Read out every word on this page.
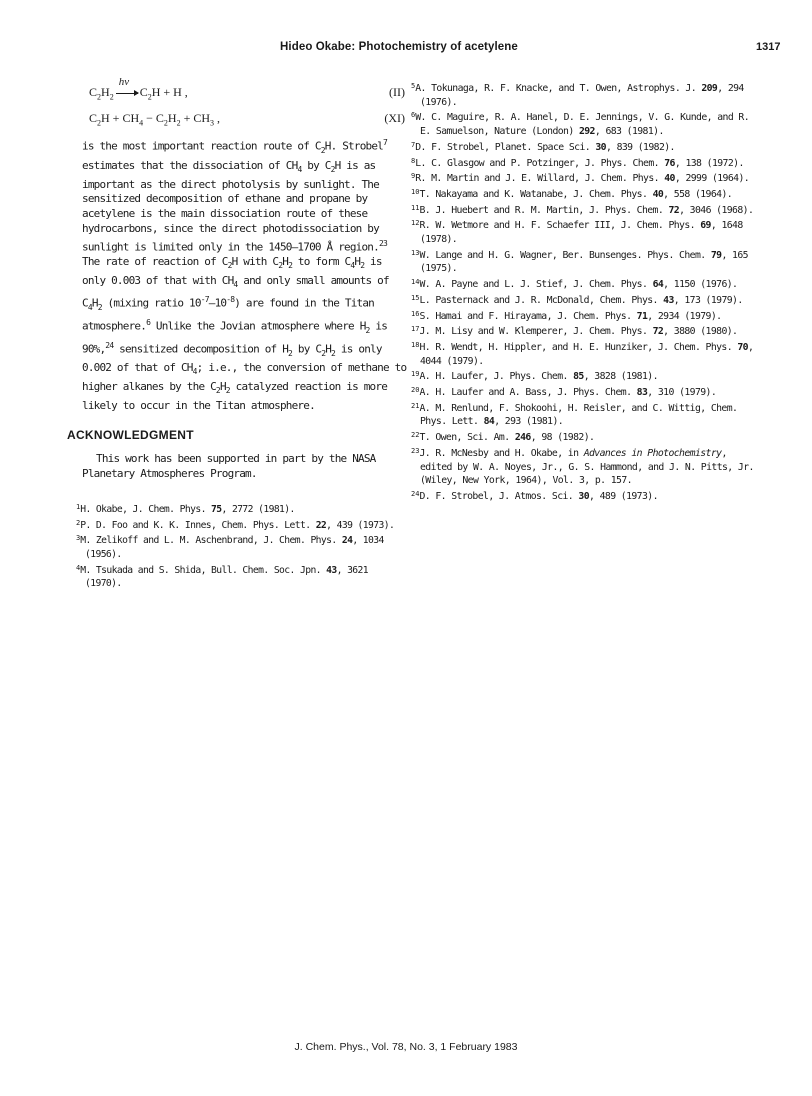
Hideo Okabe: Photochemistry of acetylene	1317
$C_2H_2$
hν
$C_2H + H$ ,	(II)
$C_2H + CH_4 - C_2H_2 + CH_3$ ,	(XI)

is the most important reaction route of $C_2H$. Strobel$^7$ estimates that the dissociation of $CH_4$ by $C_2H$ is as important as the direct photolysis by sunlight. The sensitized decomposition of ethane and propane by acetylene is the main dissociation route of these hydrocarbons, since the direct photodissociation by sunlight is limited only in the 1450–1700 Å region.$^{23}$ The rate of reaction of $C_2H$ with $C_2H_2$ to form $C_4H_2$ is only 0.003 of that with $CH_4$ and only small amounts of $C_4H_2$ (mixing ratio $10^{-7}-10^{-8}$) are found in the Titan atmosphere.$^6$ Unlike the Jovian atmosphere where $H_2$ is 90%,$^{24}$ sensitized decomposition of $H_2$ by $C_2H_2$ is only 0.002 of that of $CH_4$; i.e., the conversion of methane to higher alkanes by the $C_2H_2$ catalyzed reaction is more likely to occur in the Titan atmosphere.

ACKNOWLEDGMENT

This work has been supported in part by the NASA Planetary Atmospheres Program.

$^1$H. Okabe, J. Chem. Phys. 75, 2772 (1981).

$^2$P. D. Foo and K. K. Innes, Chem. Phys. Lett. 22, 439 (1973).

$^3$M. Zelikoff and L. M. Aschenbrand, J. Chem. Phys. 24, 1034 (1956).

$^4$M. Tsukada and S. Shida, Bull. Chem. Soc. Jpn. 43, 3621 (1970).

$^5$A. Tokunaga, R. F. Knacke, and T. Owen, Astrophys. J. 209, 294 (1976).

$^6$W. C. Maguire, R. A. Hanel, D. E. Jennings, V. G. Kunde, and R. E. Samuelson, Nature (London) 292, 683 (1981).

$^7$D. F. Strobel, Planet. Space Sci. 30, 839 (1982).

$^8$L. C. Glasgow and P. Potzinger, J. Phys. Chem. 76, 138 (1972).

$^9$R. M. Martin and J. E. Willard, J. Chem. Phys. 40, 2999 (1964).

$^{10}$T. Nakayama and K. Watanabe, J. Chem. Phys. 40, 558 (1964).

$^{11}$B. J. Huebert and R. M. Martin, J. Phys. Chem. 72, 3046 (1968).

$^{12}$R. W. Wetmore and H. F. Schaefer III, J. Chem. Phys. 69, 1648 (1978).

$^{13}$W. Lange and H. G. Wagner, Ber. Bunsenges. Phys. Chem. 79, 165 (1975).

$^{14}$W. A. Payne and L. J. Stief, J. Chem. Phys. 64, 1150 (1976).

$^{15}$L. Pasternack and J. R. McDonald, Chem. Phys. 43, 173 (1979).

$^{16}$S. Hamai and F. Hirayama, J. Chem. Phys. 71, 2934 (1979).

$^{17}$J. M. Lisy and W. Klemperer, J. Chem. Phys. 72, 3880 (1980).

$^{18}$H. R. Wendt, H. Hippler, and H. E. Hunziker, J. Chem. Phys. 70, 4044 (1979).

$^{19}$A. H. Laufer, J. Phys. Chem. 85, 3828 (1981).

$^{20}$A. H. Laufer and A. Bass, J. Phys. Chem. 83, 310 (1979).

$^{21}$A. M. Renlund, F. Shokoohi, H. Reisler, and C. Wittig, Chem. Phys. Lett. 84, 293 (1981).

$^{22}$T. Owen, Sci. Am. 246, 98 (1982).

$^{23}$J. R. McNesby and H. Okabe, in Advances in Photochemistry, edited by W. A. Noyes, Jr., G. S. Hammond, and J. N. Pitts, Jr. (Wiley, New York, 1964), Vol. 3, p. 157.

$^{24}$D. F. Strobel, J. Atmos. Sci. 30, 489 (1973).

J. Chem. Phys., Vol. 78, No. 3, 1 February 1983
